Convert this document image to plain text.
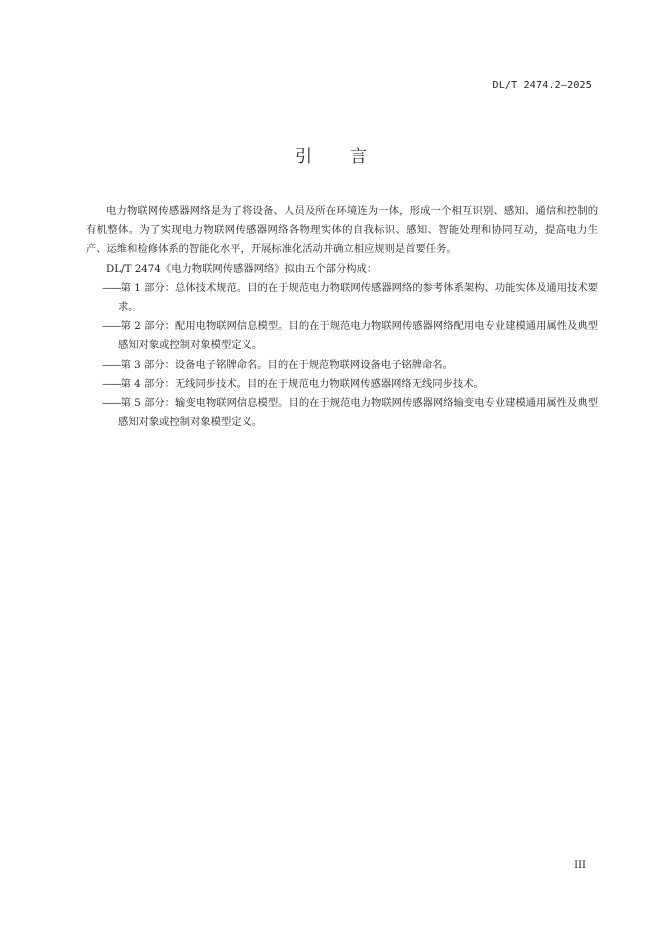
DL/T 2474.2—2025
引言

电力物联网传感器网络是为了将设备、人员及所在环境连为一体，形成一个相互识别、感知、通信和控制的有机整体。为了实现电力物联网传感器网络各物理实体的自我标识、感知、智能处理和协同互动，提高电力生产、运维和检修体系的智能化水平，开展标准化活动并确立相应规则是首要任务。

DL/T 2474《电力物联网传感器网络》拟由五个部分构成：

——第 1 部分：总体技术规范。目的在于规范电力物联网传感器网络的参考体系架构、功能实体及通用技术要求。

——第 2 部分：配用电物联网信息模型。目的在于规范电力物联网传感器网络配用电专业建模通用属性及典型感知对象或控制对象模型定义。

——第 3 部分：设备电子铭牌命名。目的在于规范物联网设备电子铭牌命名。

——第 4 部分：无线同步技术。目的在于规范电力物联网传感器网络无线同步技术。

——第 5 部分：输变电物联网信息模型。目的在于规范电力物联网传感器网络输变电专业建模通用属性及典型感知对象或控制对象模型定义。

III
